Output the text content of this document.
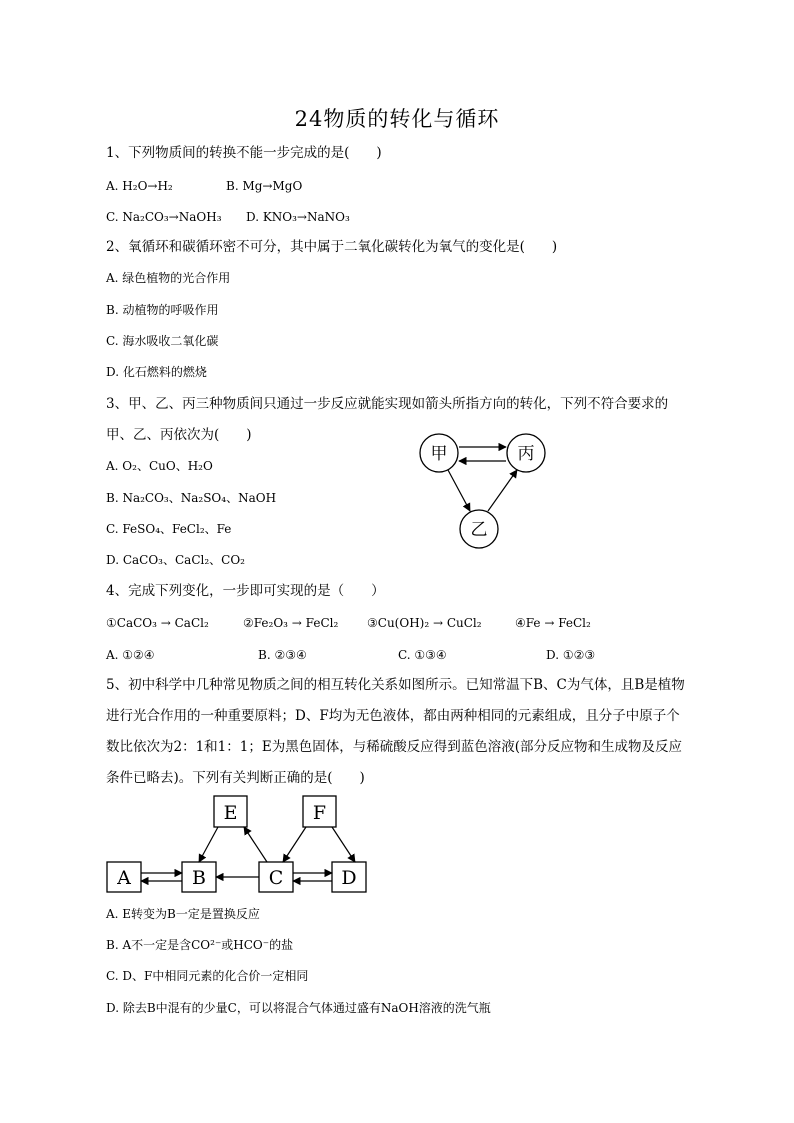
24物质的转化与循环
1、下列物质间的转换不能一步完成的是(　　)
A. H₂O→H₂	B. Mg→MgO
C. Na₂CO₃→NaOH₃ D. KNO₃→NaNO₃
2、氧循环和碳循环密不可分，其中属于二氧化碳转化为氧气的变化是(　　)
A. 绿色植物的光合作用
B. 动植物的呼吸作用
C. 海水吸收二氧化碳
D. 化石燃料的燃烧
3、甲、乙、丙三种物质间只通过一步反应就能实现如箭头所指方向的转化，下列不符合要求的
甲、乙、丙依次为(　　)
A. O₂、CuO、H₂O
B. Na₂CO₃、Na₂SO₄、NaOH
C. FeSO₄、FeCl₂、Fe
D. CaCO₃、CaCl₂、CO₂
甲	丙
乙
4、完成下列变化，一步即可实现的是（　　）
①CaCO₃ → CaCl₂	②Fe₂O₃ → FeCl₂ ③Cu(OH)₂ → CuCl₂	④Fe → FeCl₂
A. ①②④	B. ②③④	C. ①③④	D. ①②③
5、初中科学中几种常见物质之间的相互转化关系如图所示。已知常温下B、C为气体，且B是植物进行光合作用的一种重要原料；D、F均为无色液体，都由两种相同的元素组成，且分子中原子个数比依次为2：1和1：1；E为黑色固体，与稀硫酸反应得到蓝色溶液(部分反应物和生成物及反应条件已略去)。下列有关判断正确的是(　　)
E	F
A	B	C	D
A. E转变为B一定是置换反应
B. A不一定是含CO²⁻或HCO⁻的盐
C. D、F中相同元素的化合价一定相同
D. 除去B中混有的少量C，可以将混合气体通过盛有NaOH溶液的洗气瓶
